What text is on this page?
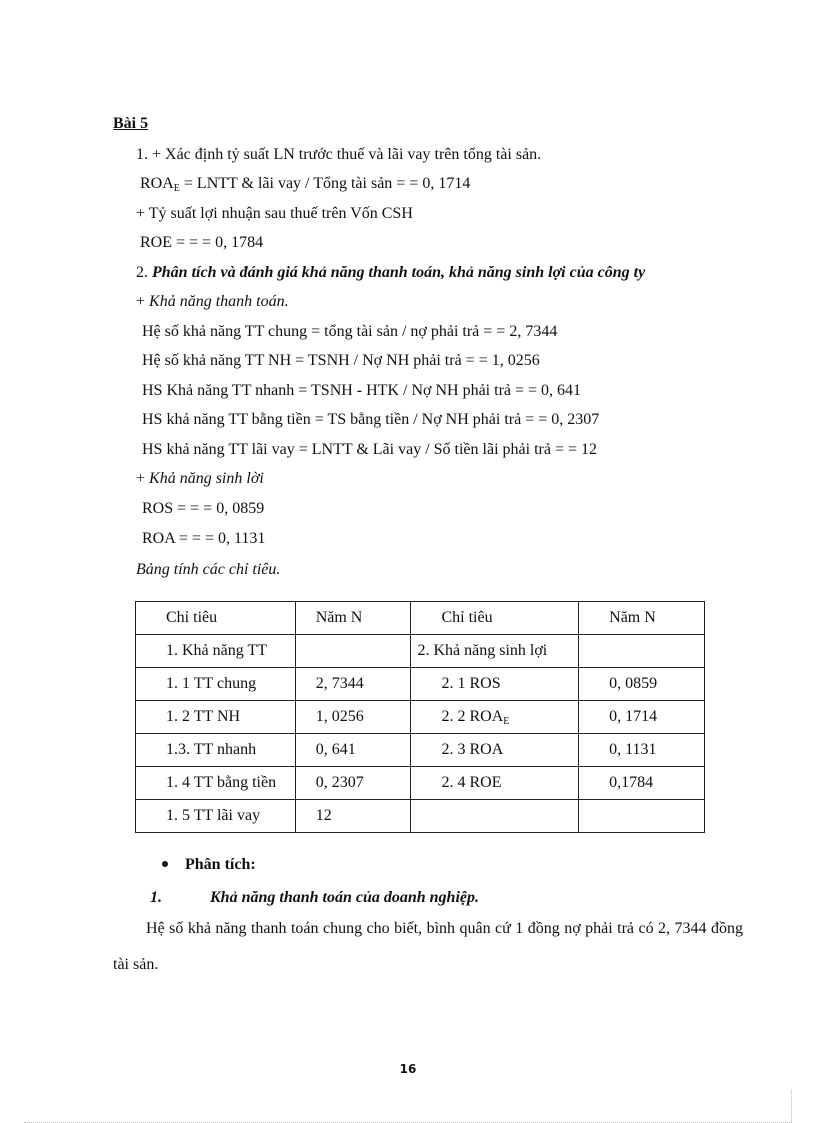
Bài 5
1. + Xác định tỷ suất LN trước thuế và lãi vay trên tổng tài sản.
$ROA_E$ = LNTT & lãi vay / Tổng tài sản = = 0, 1714
+ Tỷ suất lợi nhuận sau thuế trên Vốn CSH
ROE = = = 0, 1784
2. Phân tích và đánh giá khả năng thanh toán, khả năng sinh lợi của công ty
+ Khả năng thanh toán.
Hệ số khả năng TT chung = tổng tài sản / nợ phải trả = = 2, 7344
Hệ số khả năng TT NH = TSNH / Nợ NH phải trả = = 1, 0256
HS Khả năng TT nhanh = TSNH - HTK / Nợ NH phải trả = = 0, 641
HS khả năng TT bằng tiền = TS bằng tiền / Nợ NH phải trả = = 0, 2307
HS khả năng TT lãi vay = LNTT & Lãi vay / Số tiền lãi phải trả = = 12
+ Khả năng sinh lời
ROS = = = 0, 0859
ROA = = = 0, 1131
Bảng tính các chỉ tiêu.
Chỉ tiêu	Năm N	Chỉ tiêu	Năm N
1. Khả năng TT		2. Khả năng sinh lợi	
1. 1 TT chung	2, 7344	2. 1 ROS	0, 0859
1. 2 TT NH	1, 0256	2. 2 $ROA_E$	0, 1714
1.3. TT nhanh	0, 641	2. 3 ROA	0, 1131
1. 4 TT bằng tiền	0, 2307	2. 4 ROE	0,1784
1. 5 TT lãi vay	12		
Phân tích:
1.	Khả năng thanh toán của doanh nghiệp.
Hệ số khả năng thanh toán chung cho biết, bình quân cứ 1 đồng nợ phải trả có 2, 7344 đồng tài sản.
16
